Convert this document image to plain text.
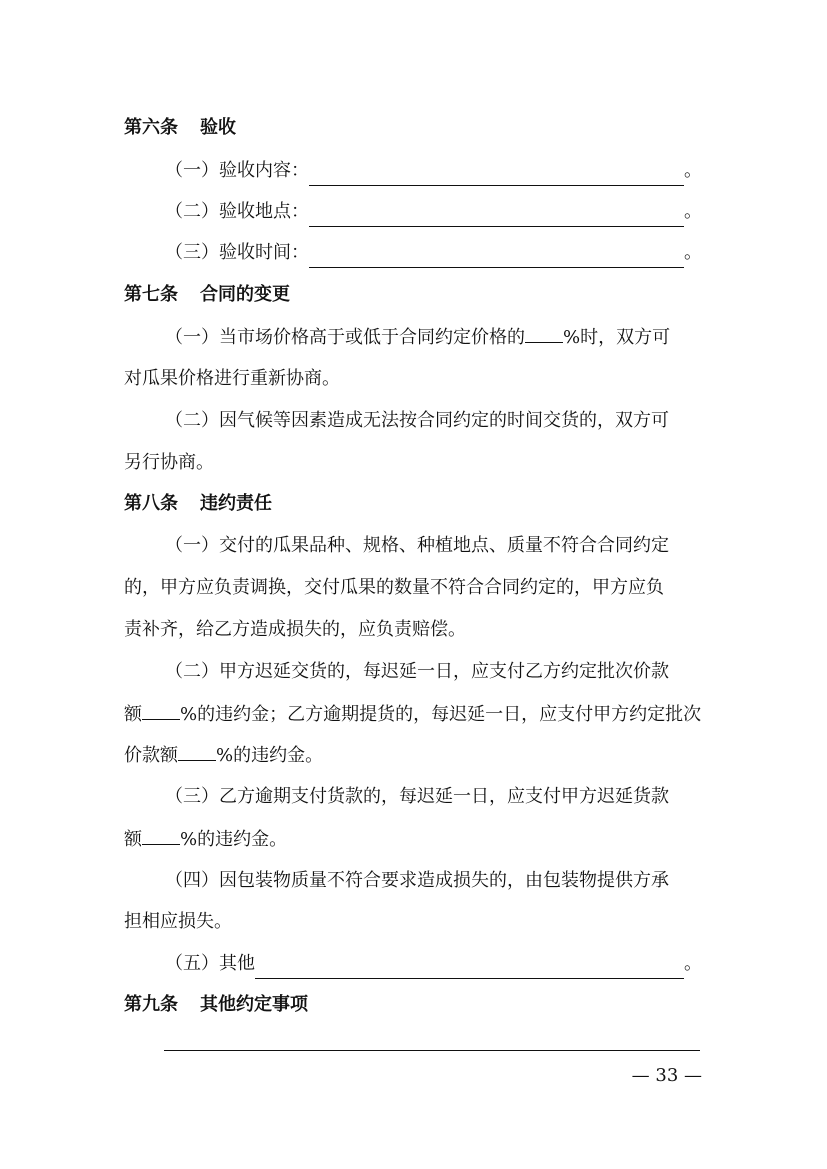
第六条 验收
（一）验收内容：	。
（二）验收地点：	。
（三）验收时间：	。
第七条 合同的变更
（一）当市场价格高于或低于合同约定价格的 %时，双方可
对瓜果价格进行重新协商。
（二）因气候等因素造成无法按合同约定的时间交货的，双方可
另行协商。
第八条 违约责任
（一）交付的瓜果品种、规格、种植地点、质量不符合合同约定
的，甲方应负责调换，交付瓜果的数量不符合合同约定的，甲方应负
责补齐，给乙方造成损失的，应负责赔偿。
（二）甲方迟延交货的，每迟延一日，应支付乙方约定批次价款
额 %的违约金；乙方逾期提货的，每迟延一日，应支付甲方约定批次
价款额 %的违约金。
（三）乙方逾期支付货款的，每迟延一日，应支付甲方迟延货款
额 %的违约金。
（四）因包装物质量不符合要求造成损失的，由包装物提供方承
担相应损失。
（五）其他	。
第九条 其他约定事项
— 33 —
